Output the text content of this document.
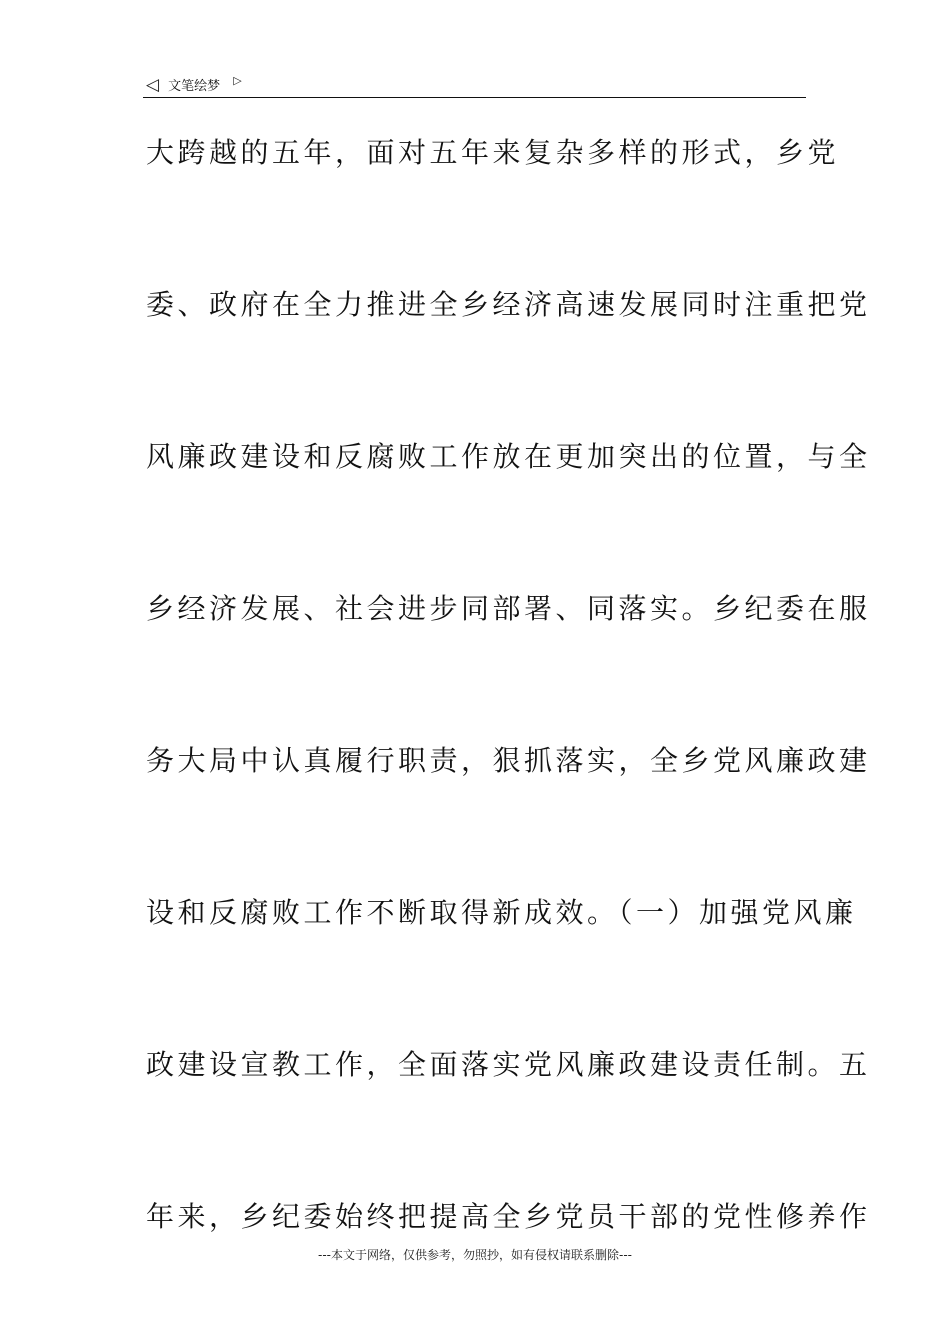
◁ 文笔绘梦 ▷
大跨越的五年，面对五年来复杂多样的形式，乡党
委、政府在全力推进全乡经济高速发展同时注重把党
风廉政建设和反腐败工作放在更加突出的位置，与全
乡经济发展、社会进步同部署、同落实。乡纪委在服
务大局中认真履行职责，狠抓落实，全乡党风廉政建
设和反腐败工作不断取得新成效。（一）加强党风廉
政建设宣教工作，全面落实党风廉政建设责任制。五
年来，乡纪委始终把提高全乡党员干部的党性修养作
---本文于网络，仅供参考，勿照抄，如有侵权请联系删除---
